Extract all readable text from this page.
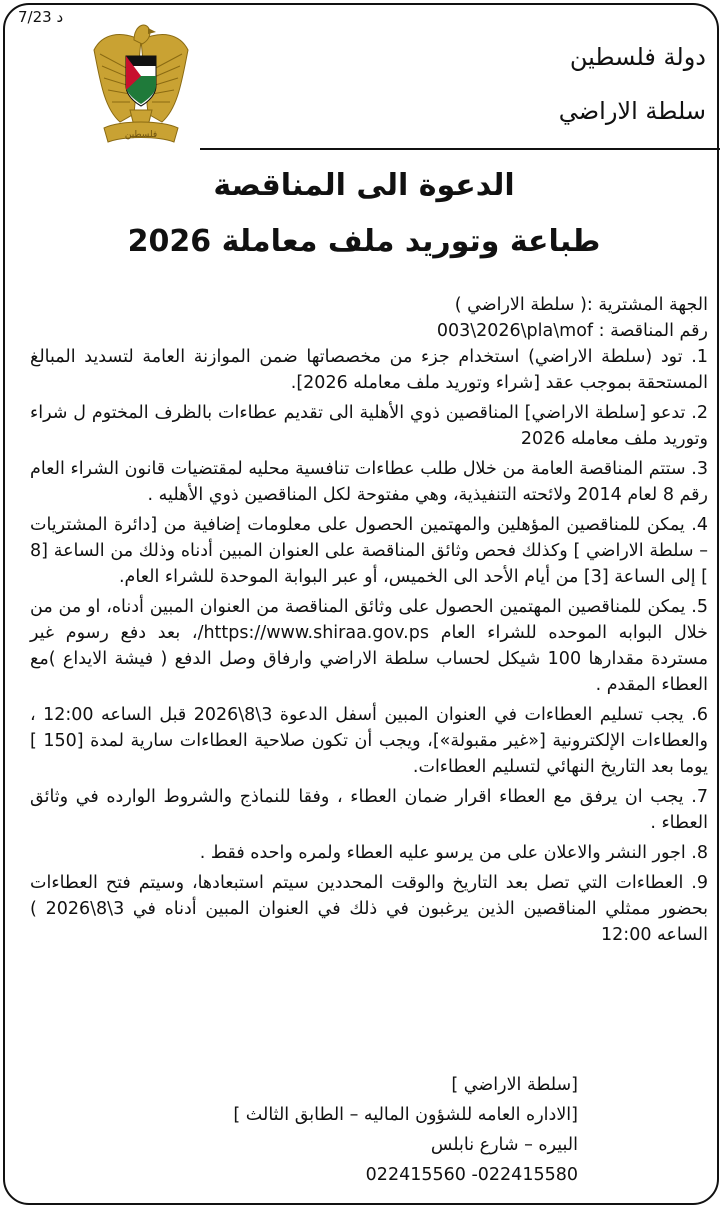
7/23 د
فلسطين
دولة فلسطين
سلطة الاراضي
الدعوة الى المناقصة
طباعة وتوريد ملف معاملة 2026

الجهة المشترية :( سلطة الاراضي )

رقم المناقصة : 003\2026\pla\mof

1. تود (سلطة الاراضي) استخدام جزء من مخصصاتها ضمن الموازنة العامة لتسديد المبالغ المستحقة بموجب عقد [شراء وتوريد ملف معامله 2026].

2. تدعو [سلطة الاراضي] المناقصين ذوي الأهلية الى تقديم عطاءات بالظرف المختوم ل شراء وتوريد ملف معامله 2026

3. ستتم المناقصة العامة من خلال طلب عطاءات تنافسية محليه لمقتضيات قانون الشراء العام رقم 8 لعام 2014 ولائحته التنفيذية، وهي مفتوحة لكل المناقصين ذوي الأهليه .

4. يمكن للمناقصين المؤهلين والمهتمين الحصول على معلومات إضافية من [دائرة المشتريات – سلطة الاراضي ] وكذلك فحص وثائق المناقصة على العنوان المبين أدناه وذلك من الساعة [8 ] إلى الساعة [3] من أيام الأحد الى الخميس، أو عبر البوابة الموحدة للشراء العام.

5. يمكن للمناقصين المهتمين الحصول على وثائق المناقصة من العنوان المبين أدناه، او من من خلال البوابه الموحده للشراء العام https://www.shiraa.gov.ps/، بعد دفع رسوم غير مستردة مقدارها 100 شيكل لحساب سلطة الاراضي وارفاق وصل الدفع ( فيشة الايداع )مع العطاء المقدم .

6. يجب تسليم العطاءات في العنوان المبين أسفل الدعوة 3\8\2026 قبل الساعه 12:00 ، والعطاءات الإلكترونية [«غير مقبولة»]، ويجب أن تكون صلاحية العطاءات سارية لمدة [150 ] يوما بعد التاريخ النهائي لتسليم العطاءات.

7. يجب ان يرفق مع العطاء اقرار ضمان العطاء ، وفقا للنماذج والشروط الوارده في وثائق العطاء .

8. اجور النشر والاعلان على من يرسو عليه العطاء ولمره واحده فقط .

9. العطاءات التي تصل بعد التاريخ والوقت المحددين سيتم استبعادها، وسيتم فتح العطاءات بحضور ممثلي المناقصين الذين يرغبون في ذلك في العنوان المبين أدناه في 3\8\2026 ) الساعه 12:00

[سلطة الاراضي ]
[الاداره العامه للشؤون الماليه – الطابق الثالث ]
البيره – شارع نابلس
022415580- 022415560
